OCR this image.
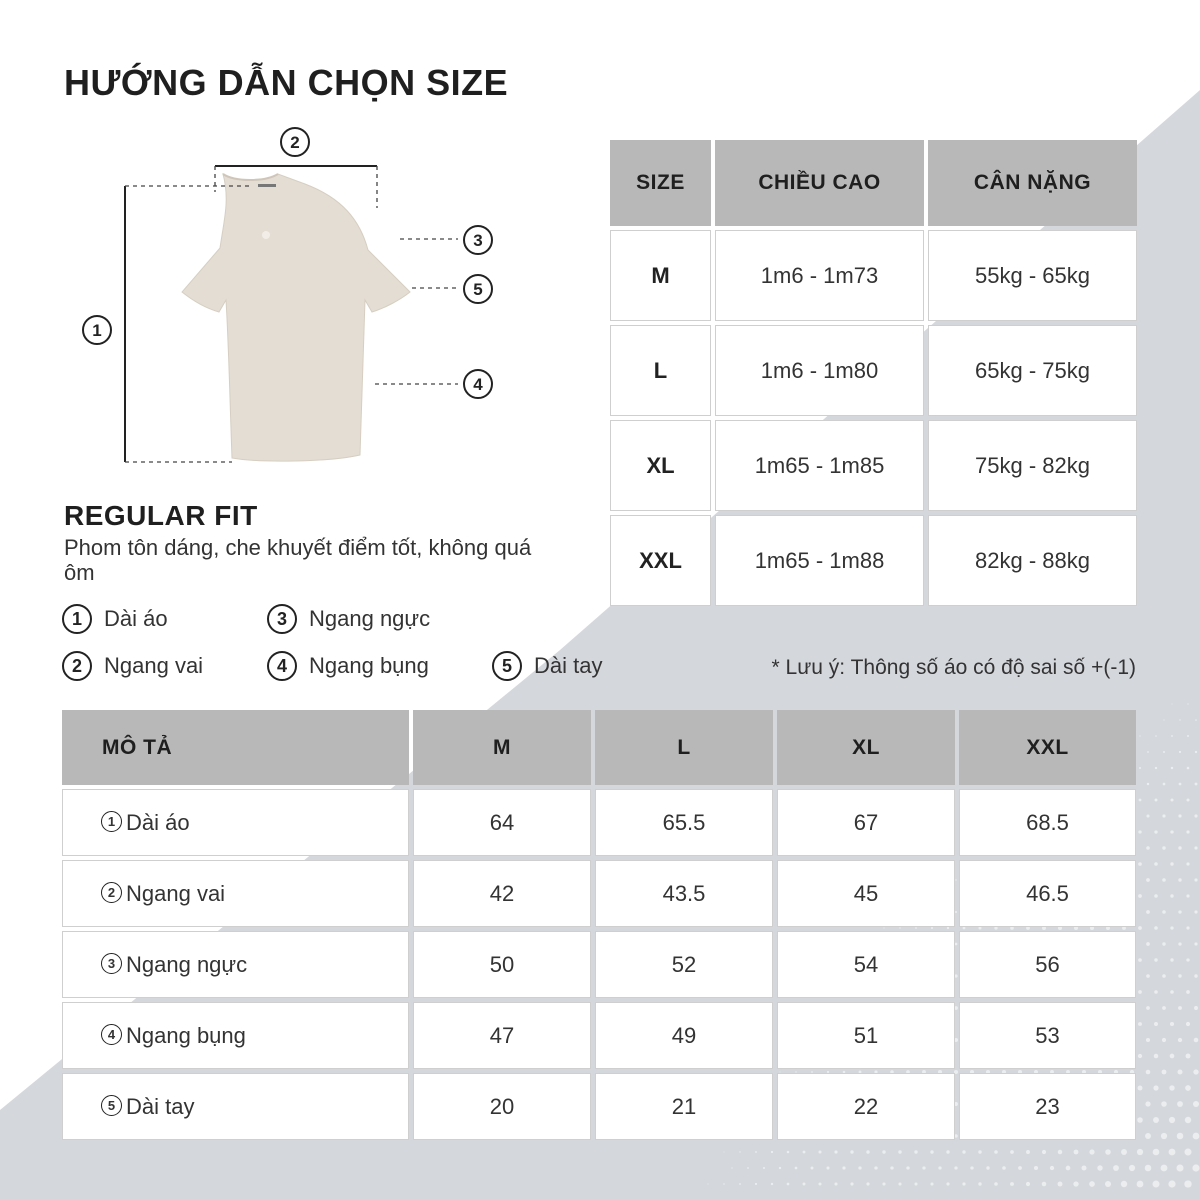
HƯỚNG DẪN CHỌN SIZE
1
2
3
5
4
REGULAR FIT
Phom tôn dáng, che khuyết điểm tốt, không quá ôm
1	Dài áo
2	Ngang vai
3	Ngang ngực
4	Ngang bụng	5	Dài tay
SIZE	CHIỀU CAO	CÂN NẶNG
M	1m6 - 1m73	55kg - 65kg
L	1m6 - 1m80	65kg - 75kg
XL	1m65 - 1m85	75kg - 82kg
XXL	1m65 - 1m88	82kg - 88kg
* Lưu ý: Thông số áo có độ sai số +(-1)
MÔ TẢ	M	L	XL	XXL
1 Dài áo	64	65.5	67	68.5
2 Ngang vai	42	43.5	45	46.5
3 Ngang ngực	50	52	54	56
4 Ngang bụng	47	49	51	53
5 Dài tay	20	21	22	23
